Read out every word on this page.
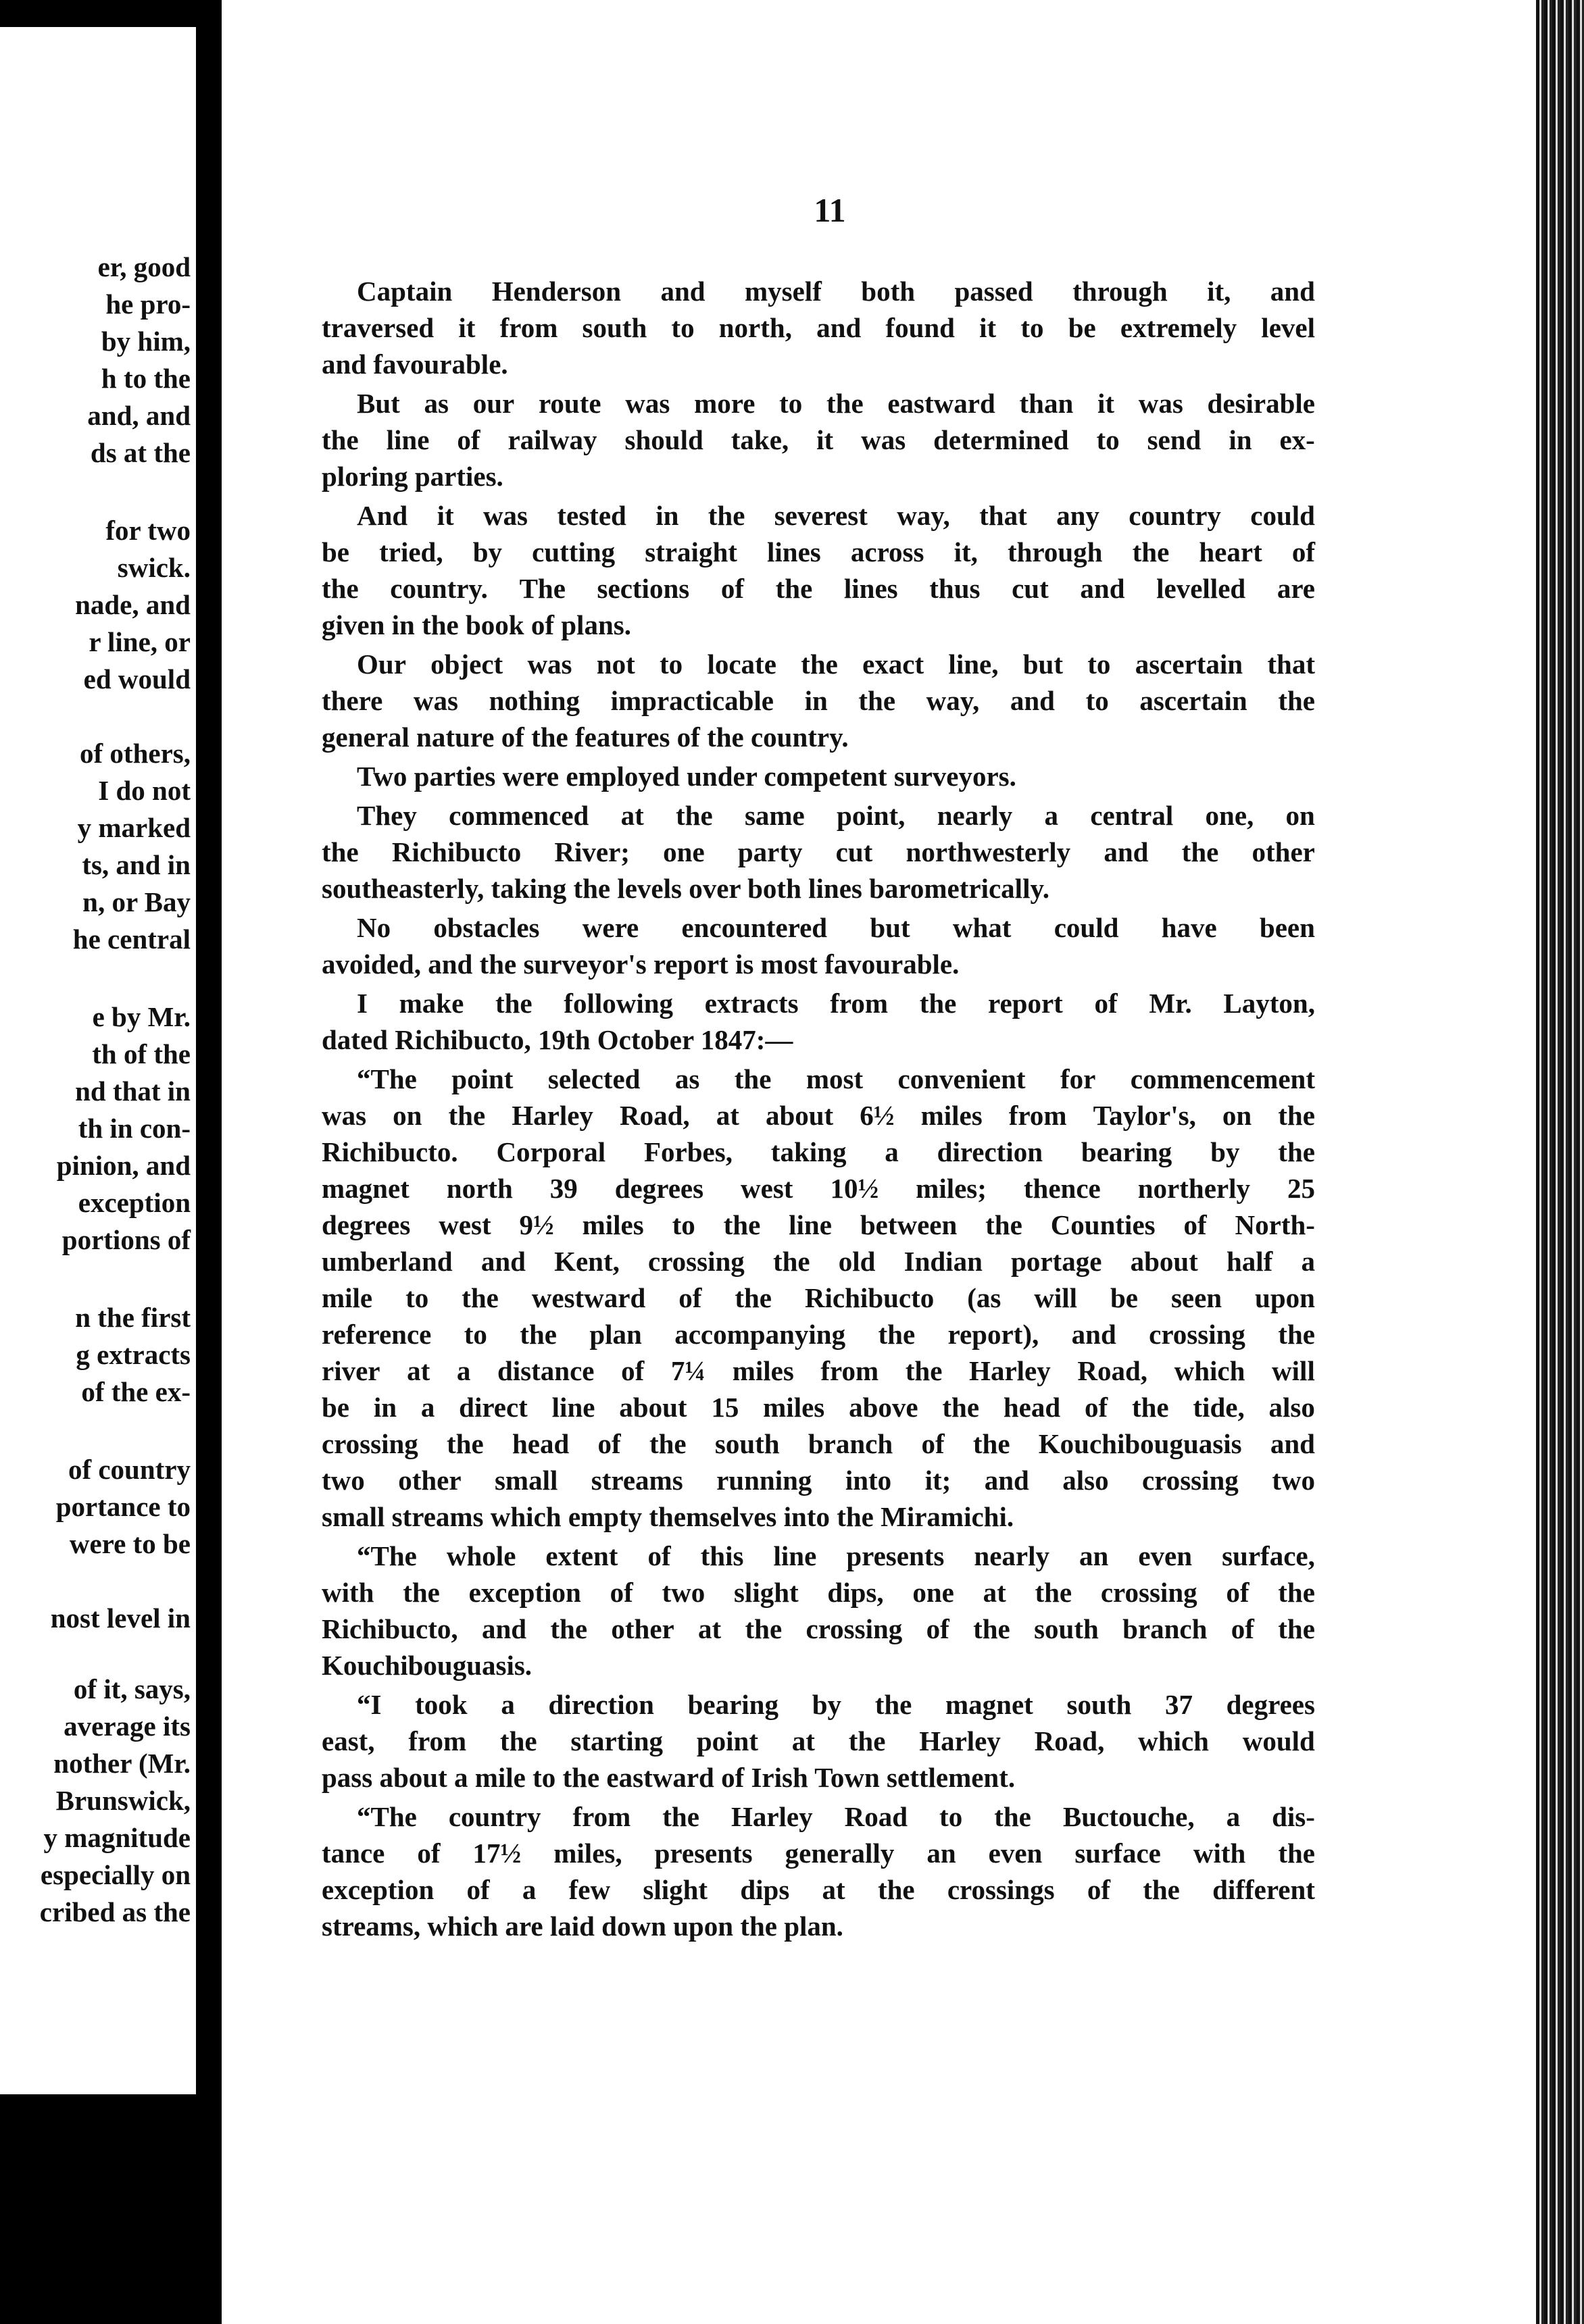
er, good
he pro-
by him,
h to the
and, and
ds at the
for two
swick.
nade, and
r line, or
ed would
of others,
I do not
y marked
ts, and in
n, or Bay
he central
e by Mr.
th of the
nd that in
th in con-
pinion, and
exception
portions of
n the first
g extracts
of the ex-
of country
portance to
were to be
nost level in
of it, says,
average its
nother (Mr.
Brunswick,
y magnitude
especially on
cribed as the
11
Captain Henderson and myself both passed through it, and
traversed it from south to north, and found it to be extremely level
and favourable.
But as our route was more to the eastward than it was desirable
the line of railway should take, it was determined to send in ex-
ploring parties.
And it was tested in the severest way, that any country could
be tried, by cutting straight lines across it, through the heart of
the country. The sections of the lines thus cut and levelled are
given in the book of plans.
Our object was not to locate the exact line, but to ascertain that
there was nothing impracticable in the way, and to ascertain the
general nature of the features of the country.
Two parties were employed under competent surveyors.
They commenced at the same point, nearly a central one, on
the Richibucto River; one party cut northwesterly and the other
southeasterly, taking the levels over both lines barometrically.
No obstacles were encountered but what could have been
avoided, and the surveyor's report is most favourable.
I make the following extracts from the report of Mr. Layton,
dated Richibucto, 19th October 1847:—
“The point selected as the most convenient for commencement
was on the Harley Road, at about 6½ miles from Taylor's, on the
Richibucto. Corporal Forbes, taking a direction bearing by the
magnet north 39 degrees west 10½ miles; thence northerly 25
degrees west 9½ miles to the line between the Counties of North-
umberland and Kent, crossing the old Indian portage about half a
mile to the westward of the Richibucto (as will be seen upon
reference to the plan accompanying the report), and crossing the
river at a distance of 7¼ miles from the Harley Road, which will
be in a direct line about 15 miles above the head of the tide, also
crossing the head of the south branch of the Kouchibouguasis and
two other small streams running into it; and also crossing two
small streams which empty themselves into the Miramichi.
“The whole extent of this line presents nearly an even surface,
with the exception of two slight dips, one at the crossing of the
Richibucto, and the other at the crossing of the south branch of the
Kouchibouguasis.
“I took a direction bearing by the magnet south 37 degrees
east, from the starting point at the Harley Road, which would
pass about a mile to the eastward of Irish Town settlement.
“The country from the Harley Road to the Buctouche, a dis-
tance of 17½ miles, presents generally an even surface with the
exception of a few slight dips at the crossings of the different
streams, which are laid down upon the plan.
